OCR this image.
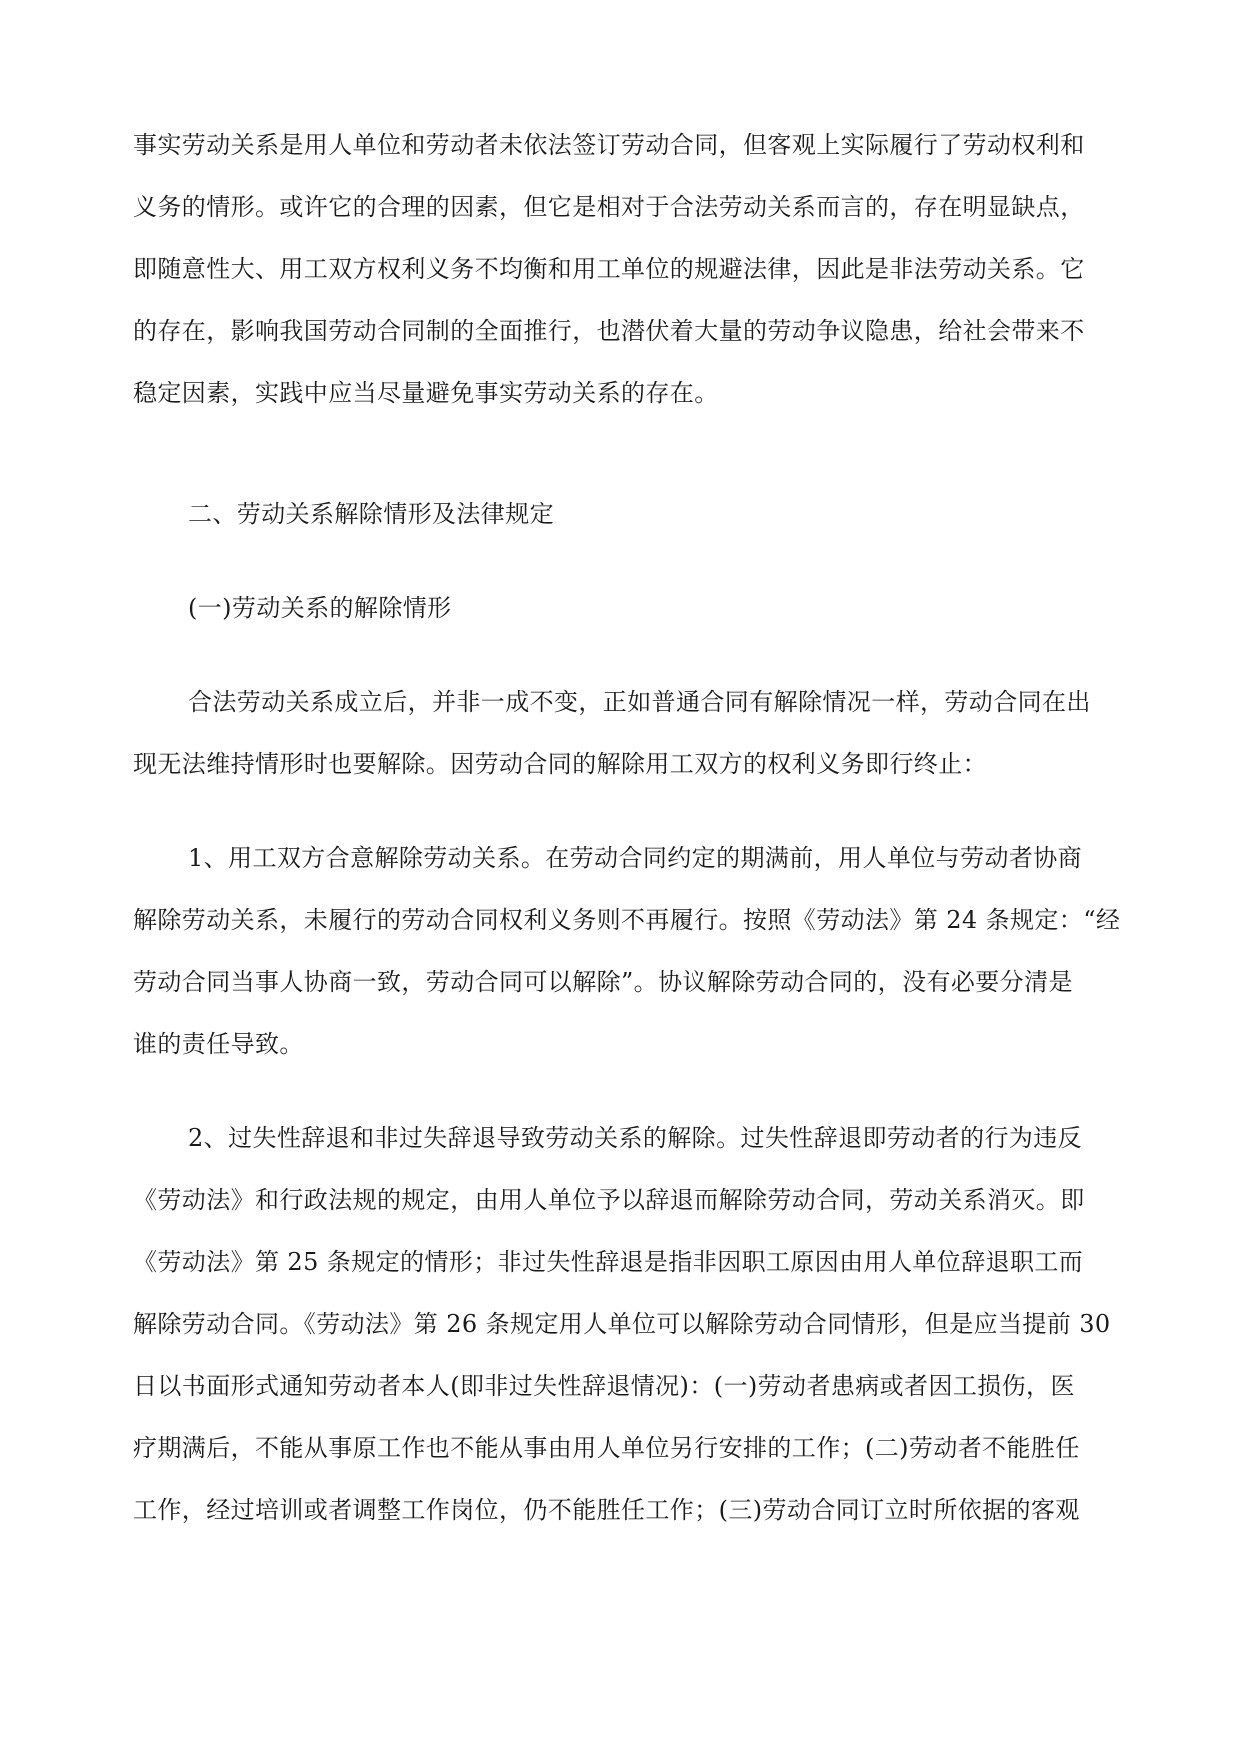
事实劳动关系是用人单位和劳动者未依法签订劳动合同，但客观上实际履行了劳动权利和
义务的情形。或许它的合理的因素，但它是相对于合法劳动关系而言的，存在明显缺点，
即随意性大、用工双方权利义务不均衡和用工单位的规避法律，因此是非法劳动关系。它
的存在，影响我国劳动合同制的全面推行，也潜伏着大量的劳动争议隐患，给社会带来不
稳定因素，实践中应当尽量避免事实劳动关系的存在。
二、劳动关系解除情形及法律规定
(一)劳动关系的解除情形
合法劳动关系成立后，并非一成不变，正如普通合同有解除情况一样，劳动合同在出
现无法维持情形时也要解除。因劳动合同的解除用工双方的权利义务即行终止：
1、用工双方合意解除劳动关系。在劳动合同约定的期满前，用人单位与劳动者协商
解除劳动关系，未履行的劳动合同权利义务则不再履行。按照《劳动法》第 24 条规定：“经
劳动合同当事人协商一致，劳动合同可以解除”。协议解除劳动合同的，没有必要分清是
谁的责任导致。
2、过失性辞退和非过失辞退导致劳动关系的解除。过失性辞退即劳动者的行为违反
《劳动法》和行政法规的规定，由用人单位予以辞退而解除劳动合同，劳动关系消灭。即
《劳动法》第 25 条规定的情形；非过失性辞退是指非因职工原因由用人单位辞退职工而
解除劳动合同。《劳动法》第 26 条规定用人单位可以解除劳动合同情形，但是应当提前 30
日以书面形式通知劳动者本人(即非过失性辞退情况)：(一)劳动者患病或者因工损伤，医
疗期满后，不能从事原工作也不能从事由用人单位另行安排的工作；(二)劳动者不能胜任
工作，经过培训或者调整工作岗位，仍不能胜任工作；(三)劳动合同订立时所依据的客观
